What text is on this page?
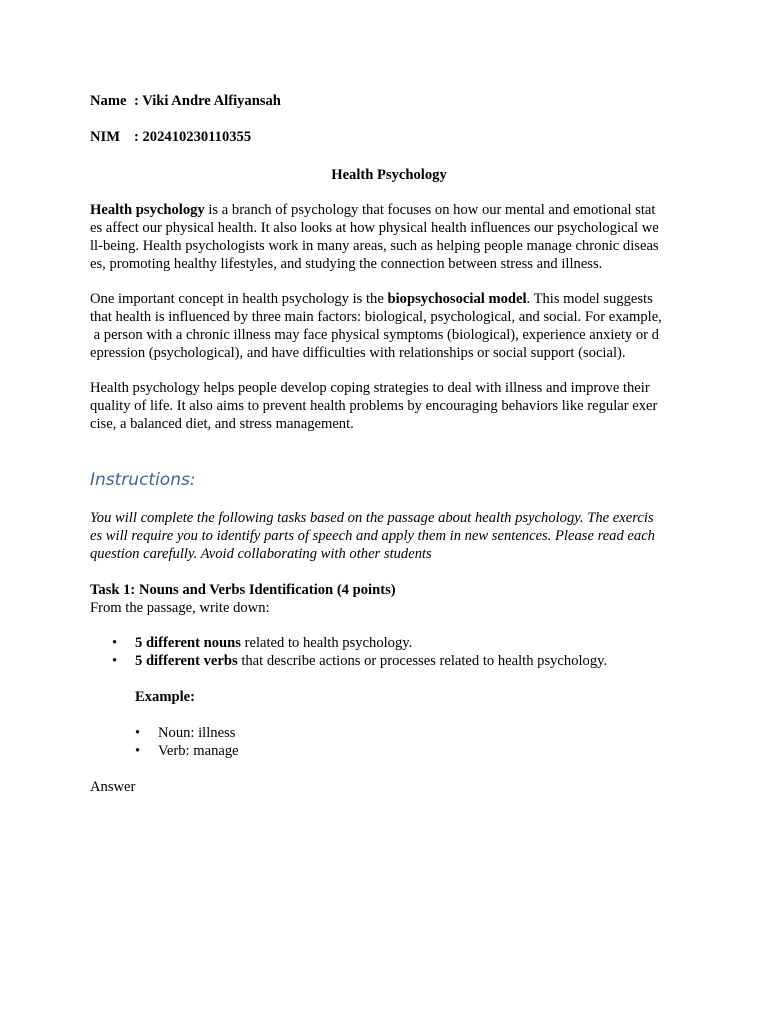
Name : Viki Andre Alfiyansah
NIM : 202410230110355
Health Psychology
Health psychology is a branch of psychology that focuses on how our mental and emotional stat
es affect our physical health. It also looks at how physical health influences our psychological we
ll-being. Health psychologists work in many areas, such as helping people manage chronic diseas
es, promoting healthy lifestyles, and studying the connection between stress and illness.
One important concept in health psychology is the biopsychosocial model. This model suggests
that health is influenced by three main factors: biological, psychological, and social. For example,
a person with a chronic illness may face physical symptoms (biological), experience anxiety or d
epression (psychological), and have difficulties with relationships or social support (social).
Health psychology helps people develop coping strategies to deal with illness and improve their
quality of life. It also aims to prevent health problems by encouraging behaviors like regular exer
cise, a balanced diet, and stress management.
Instructions:
You will complete the following tasks based on the passage about health psychology. The exercis
es will require you to identify parts of speech and apply them in new sentences. Please read each
question carefully. Avoid collaborating with other students
Task 1: Nouns and Verbs Identification (4 points)
From the passage, write down:
• 5 different nouns related to health psychology.
• 5 different verbs that describe actions or processes related to health psychology.
Example:
• Noun: illness
• Verb: manage
Answer
